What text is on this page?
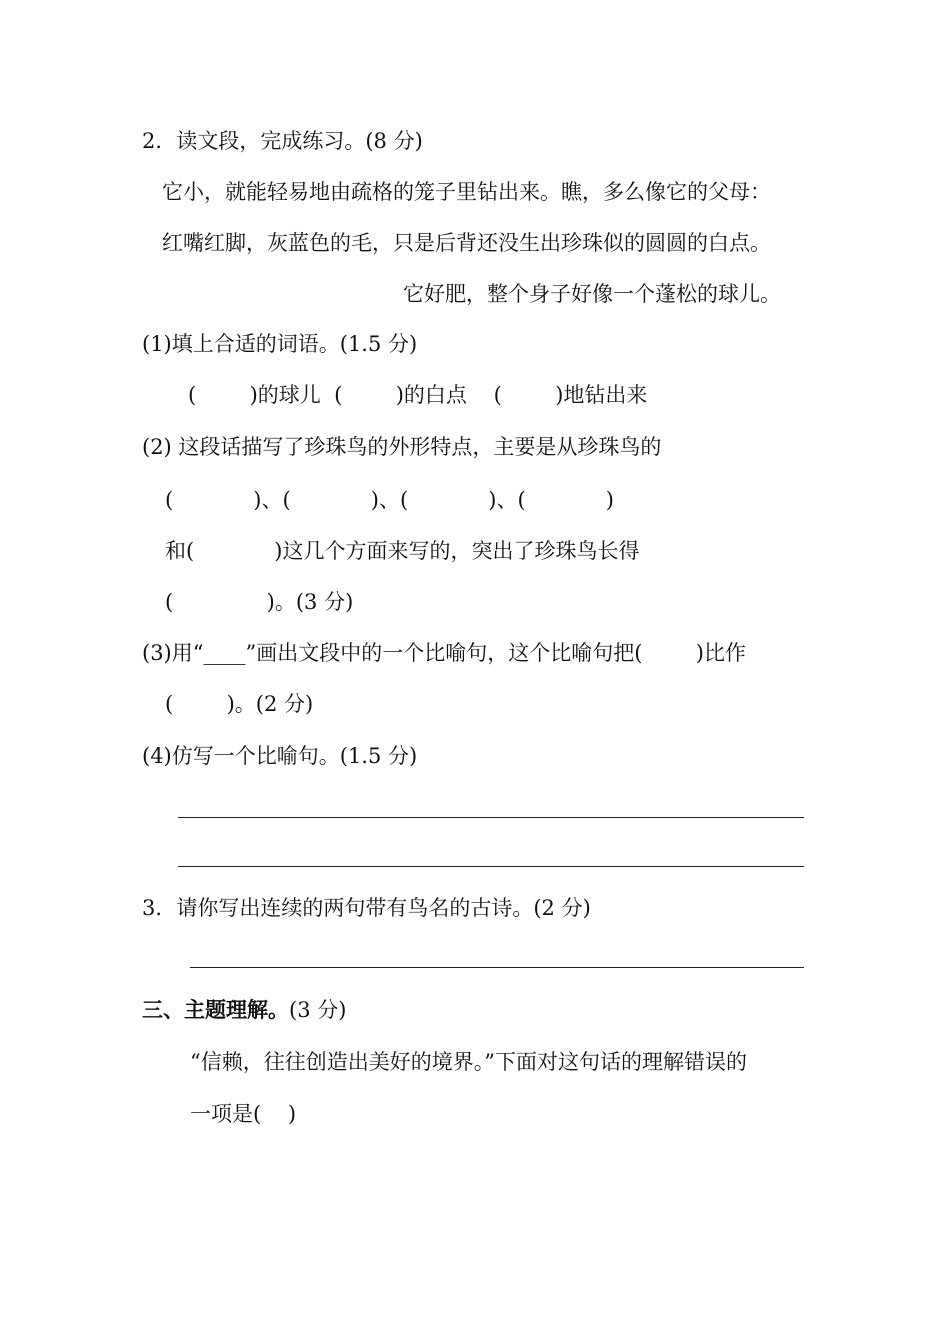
2．读文段，完成练习。(8 分)
它小，就能轻易地由疏格的笼子里钻出来。瞧，多么像它的父母：
红嘴红脚，灰蓝色的毛，只是后背还没生出珍珠似的圆圆的白点。
它好肥，整个身子好像一个蓬松的球儿。
(1)填上合适的词语。(1.5 分)
(        )的球儿  (        )的白点    (        )地钻出来
(2) 这段话描写了珍珠鸟的外形特点，主要是从珍珠鸟的
(            )、(            )、(            )、(            )
和(            )这几个方面来写的，突出了珍珠鸟长得
(              )。(3 分)
(3)用“____”画出文段中的一个比喻句，这个比喻句把(        )比作
(        )。(2 分)
(4)仿写一个比喻句。(1.5 分)
3．请你写出连续的两句带有鸟名的古诗。(2 分)
三、主题理解。(3 分)
“信赖，往往创造出美好的境界。”下面对这句话的理解错误的
一项是(    )
